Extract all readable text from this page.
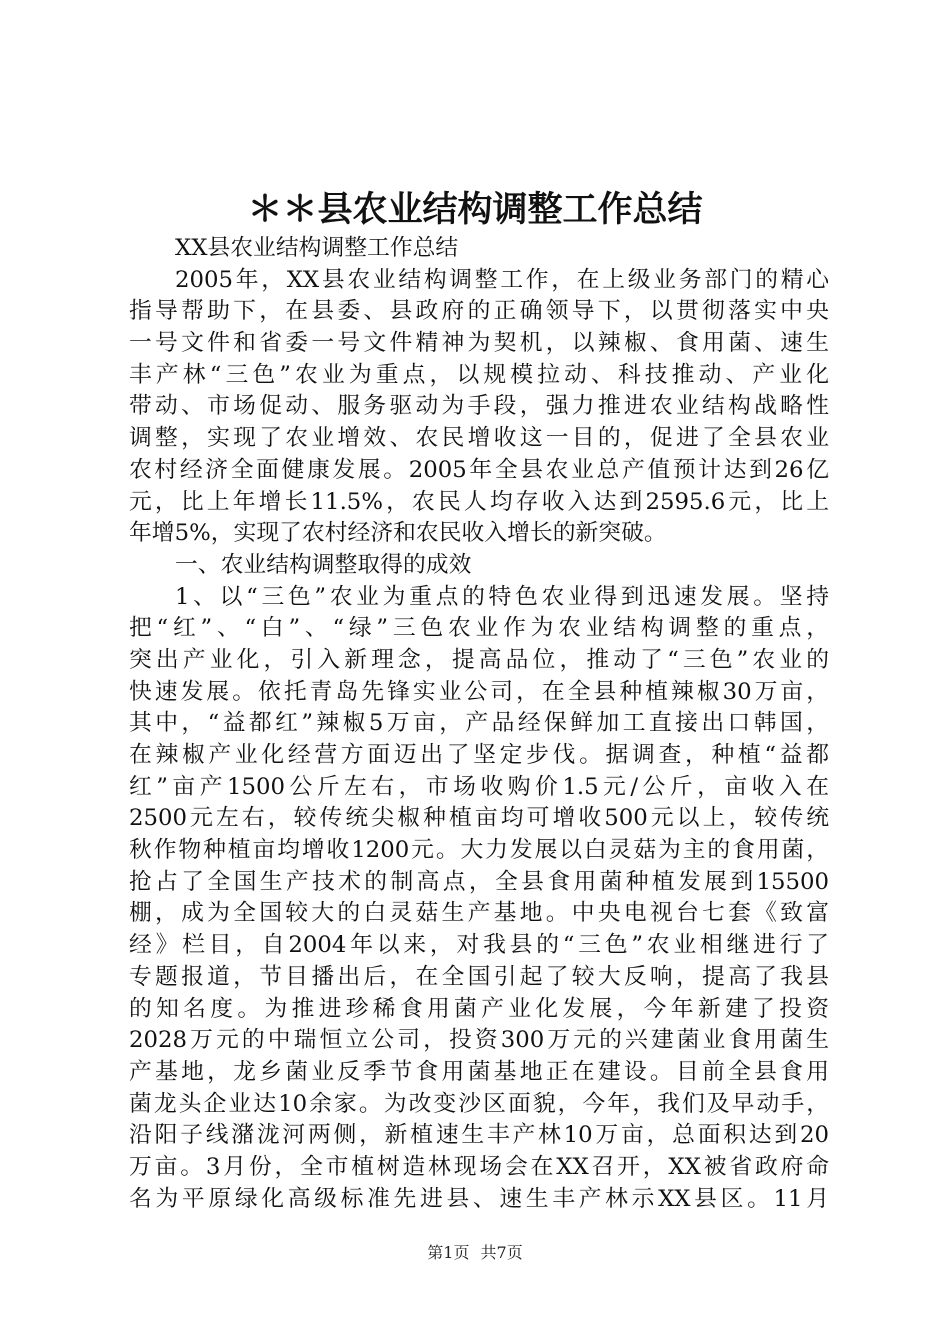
＊＊县农业结构调整工作总结
XX县农业结构调整工作总结
2005年，XX县农业结构调整工作，在上级业务部门的精心
指导帮助下，在县委、县政府的正确领导下，以贯彻落实中央
一号文件和省委一号文件精神为契机，以辣椒、食用菌、速生
丰产林“三色”农业为重点，以规模拉动、科技推动、产业化
带动、市场促动、服务驱动为手段，强力推进农业结构战略性
调整，实现了农业增效、农民增收这一目的，促进了全县农业
农村经济全面健康发展。2005年全县农业总产值预计达到26亿
元，比上年增长11.5%，农民人均存收入达到2595.6元，比上
年增5%，实现了农村经济和农民收入增长的新突破。
一、农业结构调整取得的成效
1、以“三色”农业为重点的特色农业得到迅速发展。坚持
把“红”、“白”、“绿”三色农业作为农业结构调整的重点，
突出产业化，引入新理念，提高品位，推动了“三色”农业的
快速发展。依托青岛先锋实业公司，在全县种植辣椒30万亩，
其中，“益都红”辣椒5万亩，产品经保鲜加工直接出口韩国，
在辣椒产业化经营方面迈出了坚定步伐。据调查，种植“益都
红”亩产1500公斤左右，市场收购价1.5元/公斤，亩收入在
2500元左右，较传统尖椒种植亩均可增收500元以上，较传统
秋作物种植亩均增收1200元。大力发展以白灵菇为主的食用菌，
抢占了全国生产技术的制高点，全县食用菌种植发展到15500
棚，成为全国较大的白灵菇生产基地。中央电视台七套《致富
经》栏目，自2004年以来，对我县的“三色”农业相继进行了
专题报道，节目播出后，在全国引起了较大反响，提高了我县
的知名度。为推进珍稀食用菌产业化发展，今年新建了投资
2028万元的中瑞恒立公司，投资300万元的兴建菌业食用菌生
产基地，龙乡菌业反季节食用菌基地正在建设。目前全县食用
菌龙头企业达10余家。为改变沙区面貌，今年，我们及早动手，
沿阳子线潴泷河两侧，新植速生丰产林10万亩，总面积达到20
万亩。3月份，全市植树造林现场会在XX召开，XX被省政府命
名为平原绿化高级标准先进县、速生丰产林示XX县区。11月
第1页 共7页
